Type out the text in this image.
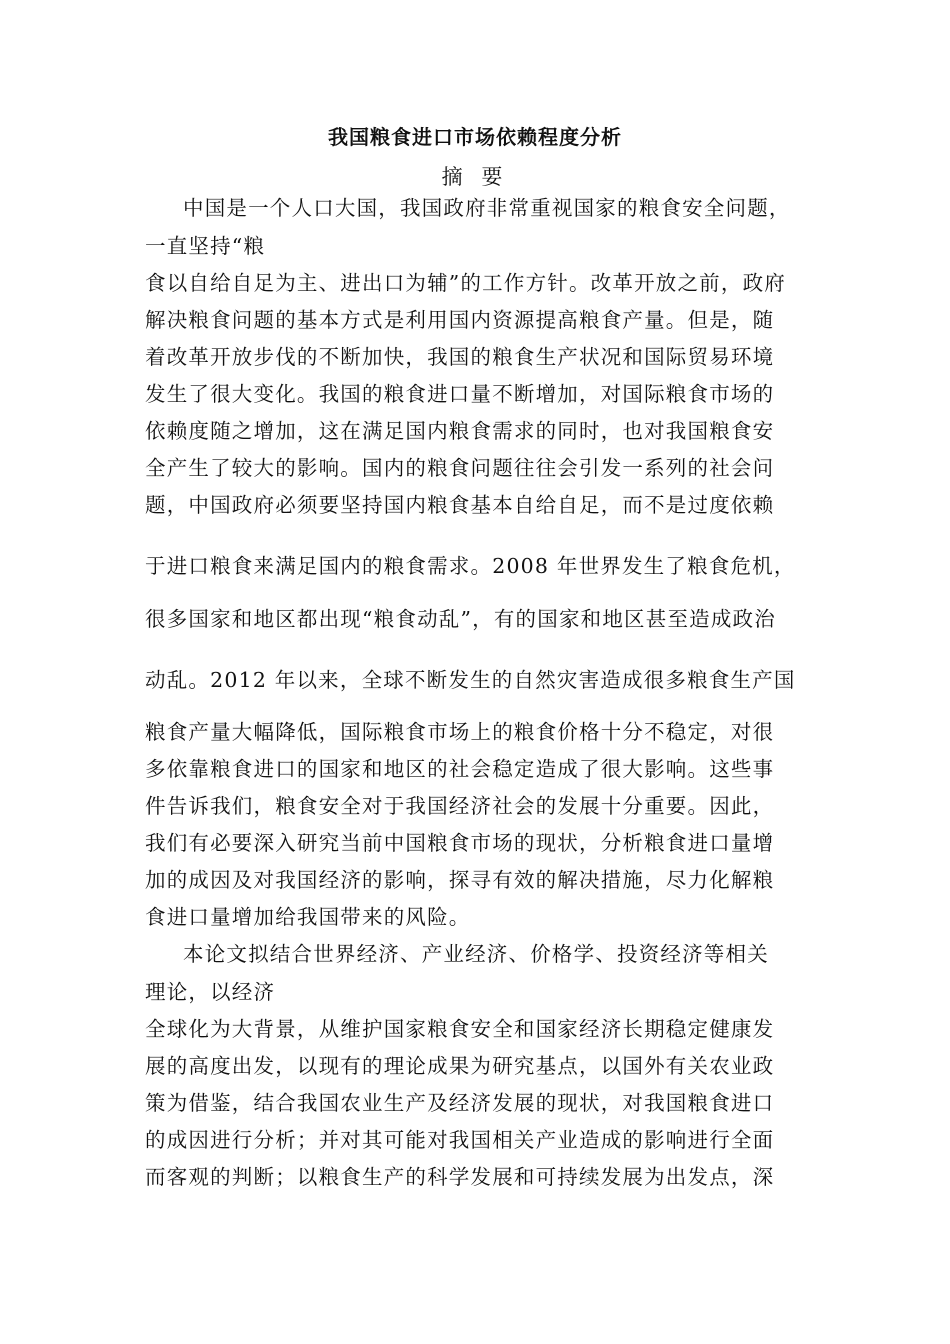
我国粮食进口市场依赖程度分析
摘 要
中国是一个人口大国，我国政府非常重视国家的粮食安全问题，
一直坚持“粮
食以自给自足为主、进出口为辅”的工作方针。改革开放之前，政府
解决粮食问题的基本方式是利用国内资源提高粮食产量。但是，随
着改革开放步伐的不断加快，我国的粮食生产状况和国际贸易环境
发生了很大变化。我国的粮食进口量不断增加，对国际粮食市场的
依赖度随之增加，这在满足国内粮食需求的同时，也对我国粮食安
全产生了较大的影响。国内的粮食问题往往会引发一系列的社会问
题，中国政府必须要坚持国内粮食基本自给自足，而不是过度依赖
于进口粮食来满足国内的粮食需求。2008 年世界发生了粮食危机，
很多国家和地区都出现“粮食动乱”，有的国家和地区甚至造成政治
动乱。2012 年以来，全球不断发生的自然灾害造成很多粮食生产国
粮食产量大幅降低，国际粮食市场上的粮食价格十分不稳定，对很
多依靠粮食进口的国家和地区的社会稳定造成了很大影响。这些事
件告诉我们，粮食安全对于我国经济社会的发展十分重要。因此，
我们有必要深入研究当前中国粮食市场的现状，分析粮食进口量增
加的成因及对我国经济的影响，探寻有效的解决措施，尽力化解粮
食进口量增加给我国带来的风险。
本论文拟结合世界经济、产业经济、价格学、投资经济等相关
理论，以经济
全球化为大背景，从维护国家粮食安全和国家经济长期稳定健康发
展的高度出发，以现有的理论成果为研究基点，以国外有关农业政
策为借鉴，结合我国农业生产及经济发展的现状，对我国粮食进口
的成因进行分析；并对其可能对我国相关产业造成的影响进行全面
而客观的判断；以粮食生产的科学发展和可持续发展为出发点，深
